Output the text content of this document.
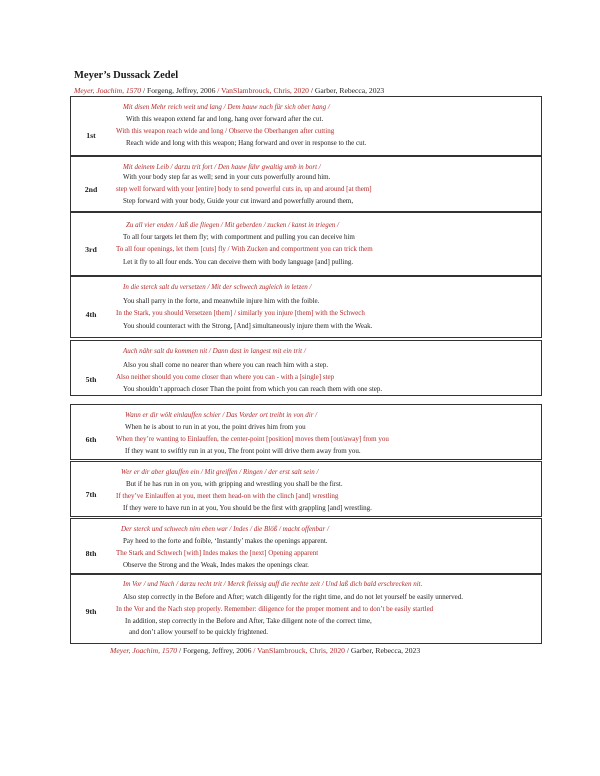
Meyer’s Dussack Zedel
Meyer, Joachim, 1570 / Forgeng, Jeffrey, 2006 / VanSlambrouck, Chris, 2020 / Garber, Rebecca, 2023
1st
Mit disen Mehr reich weit und lang / Dem hauw nach für sich ober hang /
With this weapon extend far and long, hang over forward after the cut.
With this weapon reach wide and long / Observe the Oberhangen after cutting
Reach wide and long with this weapon; Hang forward and over in response to the cut.
2nd
Mit deinem Leib / darzu trit fort / Den hauw führ gwaltig umb in bort /
With your body step far as well; send in your cuts powerfully around him.
step well forward with your [entire] body to send powerful cuts in, up and around [at them]
Step forward with your body, Guide your cut inward and powerfully around them,
3rd
Zu all vier enden / laß die fliegen / Mit geberden / zucken / kanst in triegen /
To all four targets let them fly; with comportment and pulling you can deceive him
To all four openings, let them [cuts] fly / With Zucken and comportment you can trick them
Let it fly to all four ends. You can deceive them with body language [and] pulling.
4th
In die sterck salt du versetzen / Mit der schwech zugleich in letzen /
You shall parry in the forte, and meanwhile injure him with the foible.
In the Stark, you should Versetzen [them] / similarly you injure [them] with the Schwech
You should counteract with the Strong, [And] simultaneously injure them with the Weak.
5th
Auch nähr salt du kommen nit / Dann dast in langest mit ein trit /
Also you shall come no nearer than where you can reach him with a step.
Also neither should you come closer than where you can - with a [single] step
You shouldn’t approach closer Than the point from which you can reach them with one step.
6th
Wann er dir wölt einlauffen schier / Das Vorder ort treibt in von dir /
When he is about to run in at you, the point drives him from you
When they’re wanting to Einlauffen, the center-point [position] moves them [out/away] from you
If they want to swiftly run in at you, The front point will drive them away from you.
7th
Wer er dir aber glauffen ein / Mit greiffen / Ringen / der erst salt sein /
But if he has run in on you, with gripping and wrestling you shall be the first.
If they’ve Einlauffen at you, meet them head-on with the clinch [and] wrestling
If they were to have run in at you, You should be the first with grappling [and] wrestling.
8th
Der sterck und schwech nim eben war / Indes / die Blöß / macht offenbar /
Pay heed to the forte and foible, ‘Instantly’ makes the openings apparent.
The Stark and Schwech [with] Indes makes the [next] Opening apparent
Observe the Strong and the Weak, Indes makes the openings clear.
9th
Im Vor / und Nach / darzu recht trit / Merck fleissig auff die rechte zeit / Und laß dich bald erschrecken nit.
Also step correctly in the Before and After; watch diligently for the right time, and do not let yourself be easily unnerved.
In the Vor and the Nach step properly. Remember: diligence for the proper moment and to don’t be easily startled
In addition, step correctly in the Before and After, Take diligent note of the correct time,
and don’t allow yourself to be quickly frightened.
Meyer, Joachim, 1570 / Forgeng, Jeffrey, 2006 / VanSlambrouck, Chris, 2020 / Garber, Rebecca, 2023
